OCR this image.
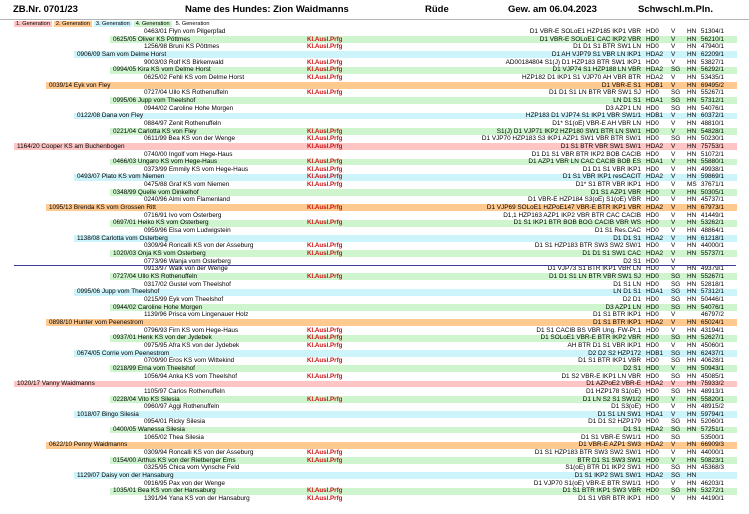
ZB.Nr. 0701/23	Name des Hundes: Zion Waidmanns	Rüde	Gew. am 06.04.2023	Schwschl.m.Pln.
1. Generation	2. Generation	3. Generation	4. Generation	5. Generation
0463/01 Flyn vom Pilgerpfad	D1 VBR-E SOLoE1 HZP185 IKP1 VBR HD0 V HN 51304/1
0625/05 Oliver KS Pöttmes	Kl.Ausl.Prfg	D1 VBR-E SOLoE1 CAC IKP2 VBR HD0 V HN 56210/1
1256/98 Bruni KS Pöttmes	Kl.Ausl.Prfg	D1 D1 S1 BTR SW1 LN HD0 V HN 47940/1
0906/09 Sam vom Delme Horst	D1 AH VJP79 S1 VBR LN IKP1 HDA2 V HN 62209/1
9003/03 Rolf KS Birkenwald	Kl.Ausl.Prfg	AD00184804 S1(J) D1 HZP183 BTR SW1 IKP1 HD0 V HN 53827/1
0994/05 Kira KS vom Delme Horst	Kl.Ausl.Prfg	D1 VJP74 S1 HZP188 LN VBR HDA2 SG HN 56292/1
0625/02 Fehli KS vom Delme Horst	Kl.Ausl.Prfg	HZP182 D1 IKP1 S1 VJP70 AH VBR BTR HDA2 V HN 53435/1
0039/14 Eyk von Fley	D1 VBR-E S1 HDB1 V HN 69495/2
0727/04 Ullo KS Rothenuffeln	Kl.Ausl.Prfg	D1 D1 S1 LN BTR VBR SW1 SJ HD0 SG HN 55267/1
0995/06 Jupp vom Theelshof	LN D1 S1 HDA1 SG HN 57312/1
0944/02 Caroline Hohe Morgen	D3 AZP1 LN HD0 SG HN 54076/1
0122/08 Dana von Fley	HZP183 D1 VJP74 S1 IKP1 VBR SW1/1 HDB1 V HN 60372/1
0884/97 Zenit Rothenuffeln	D1* S1(oE) VBR-E AH VBR LN HD0 V HN 48810/1
0221/04 Carlotta KS von Fley	Kl.Ausl.Prfg	S1(J) D1 VJP71 IKP2 HZP180 SW1 BTR LN SW/1 HD0 V HN 54828/1
0611/99 Bea KS von der Wenge	Kl.Ausl.Prfg	D1 VJP70 HZP183 S3 IKP1 AZP1 SW1 VBR BTR SW/1 HD0 SG HN 50230/1
1164/20 Cooper KS am Buchenbogen	Kl.Ausl.Prfg	D1 S1 BTR VBR SW1 SW/1 HDA2 V HN 75753/1
0740/00 Ingolf vom Hege-Haus	D1 D1 S1 VBR BTR IKP2 BOB CACIB HD0 V HN 51072/1
0466/03 Ungaro KS vom Hege-Haus	Kl.Ausl.Prfg	D1 AZP1 VBR LN CAC CACIB BOB ES HDA1 V HN 55880/1
0373/99 Emmily KS vom Hege-Haus	Kl.Ausl.Prfg	D1 D1 S1 VBR IKP1 HD0 V HN 49938/1
0493/07 Plato KS vom Niemen	Kl.Ausl.Prfg	D1 S1 VBR IKP1 resCACIT HDA2 V HN 59869/1
0475/88 Graf KS vom Niemen	Kl.Ausl.Prfg	D1* S1 BTR VBR IKP1 HD0 V MS 37671/1
0348/99 Quelle vom Dinkelhof	D1 S1 AZP1 VBR HD0 V HN 50305/1
0240/96 Almi vom Flamenland	D1 VBR-E HZP184 S3(oE) S1(oE) VBR HD0 V HN 45737/1
1095/13 Brenda KS vom Grossen Ritt	Kl.Ausl.Prfg	D1 VJP69 SOLoE1 HZPoE147 VBR-E BTR IKP1 VBR HDA2 V HN 67973/1
0716/91 Ivo vom Osterberg	D1,1 HZP163 AZP1 IKP2 VBR BTR CAC CACIB HD0 V HN 41449/1
0697/01 Heiko KS vom Osterberg	Kl.Ausl.Prfg	D1 S1 IKP1 BTR BOB BOG CACIB VBR WS HD0 V HN 53262/1
0959/96 Elsa vom Ludwigstein	D1 S1 Res.CAC HD0 V HN 48864/1
1138/08 Carlotta vom Osterberg	D1 D1 S1 HDA2 V HN 61218/1
0309/94 Roncalli KS von der Asseburg	Kl.Ausl.Prfg	D1 S1 HZP183 BTR SW3 SW2 SW/1 HD0 V HN 44000/1
1020/03 Onja KS vom Osterberg	Kl.Ausl.Prfg	D1 D1 S1 SW1 CAC HDA2 V HN 55737/1
0773/96 Wanja vom Osterberg	D2 S1 HD0 V
0913/97 Walk von der Wenge	D1 VJP73 S1 BTR IKP1 VBR LN HD0 V HN 49379/1
0727/04 Ullo KS Rothenuffeln	Kl.Ausl.Prfg	D1 D1 S1 LN BTR VBR SW1 SJ HD0 SG HN 55267/1
0317/02 Gustel vom Theelshof	D1 S1 LN HD0 SG HN 52818/1
0995/06 Jupp vom Theelshof	LN D1 S1 HDA1 SG HN 57312/1
0215/99 Eyk vom Theelshof	D2 D1 HD0 SG HN 50446/1
0944/02 Caroline Hohe Morgen	D3 AZP1 LN HD0 SG HN 54076/1
1139/96 Prisca vom Lingenauer Holz	D1 S1 BTR IKP1 HD0 V	46797/2
0898/10 Hunter vom Peenestrom	D1 S1 BTR IKP1 HDA2 V HN 65024/1
0796/93 Firn KS vom Hege-Haus	Kl.Ausl.Prfg	D1 S1 CACIB BS VBR Ung. FW-Pr.1 HD0 V HN 43194/1
0937/01 Henk KS von der Jydebek	Kl.Ausl.Prfg	D1 SOLoE1 VBR-E BTR IKP2 VBR HD0 SG HN 52627/1
0975/95 Afra KS von der Jydebek	Kl.Ausl.Prfg	AH BTR D1 S1 VBR IKP1 HD0 V HN 45060/1
0674/05 Corrie vom Peenestrom	D2 D2 S2 HZP172 HDB1 SG HN 62437/1
0709/90 Eros KS vom Wittekind	Kl.Ausl.Prfg	D1 S1 BTR IKP1 VBR HD0 SG HN 40628/1
0218/99 Erna vom Theelshof	D2 S1 HD0 V HN 50943/1
1056/94 Anka KS vom Theelshof	Kl.Ausl.Prfg	D1 S2 VBR-E IKP1 LN VBR HD0 SG HN 45085/1
1020/17 Vanny Waidmanns	D1 AZPoE2 VBR-E HDA2 V HN 75933/2
1105/97 Carlos Rothenuffeln	D1 HZP178 S1(oE) HD0 SG HN 48913/1
0228/04 Vito KS Silesia	Kl.Ausl.Prfg	D1 LN S2 S1 SW1/2 HD0 V HN 55820/1
0960/97 Aggi Rothenuffeln	D1 S3(oE) HD0 V HN 48915/2
1018/07 Bingo Silesia	D1 S1 LN SW1 HDA1 V HN 59794/1
0954/01 Ricky Silesia	D1 D1 S2 HZP179 HD0 SG HN 52060/1
0400/05 Wanessa Silesia	D1 S1 HDA2 SG HN 57251/1
1065/02 Thea Silesia	D1 S1 VBR-E SW1/1 HD0 SG	53500/1
0622/10 Penny Waidmanns	D1 VBR-E AZP1 SW3 HDA2 V HN 66909/3
0309/94 Roncalli KS von der Asseburg	Kl.Ausl.Prfg	D1 S1 HZP183 BTR SW3 SW2 SW/1 HD0 V HN 44000/1
0154/00 Arthus KS von der Rietberger Ems	Kl.Ausl.Prfg	BTR D1 S1 SW3 SW1 HD0 V HN 50823/1
0325/95 Chica vom Vynsche Feld	S1(oE) BTR D1 IKP2 SW1 HD0 SG HN 45368/3
1129/07 Daisy von der Hansaburg	D1 S1 IKP2 SW1 SW/1 HDA2 SG HN
0916/95 Pax von der Wenge	D1 VJP70 S1(oE) VBR-E BTR SW1/1 HD0 V HN 46203/1
1035/01 Bea KS von der Hansaburg	Kl.Ausl.Prfg	D1 S1 BTR IKP1 SW3 VBR HD0 SG HN 53272/1
1391/94 Yana KS von der Hansaburg	Kl.Ausl.Prfg	D1 S1 VBR BTR IKP1 HD0 V HN 44190/1
